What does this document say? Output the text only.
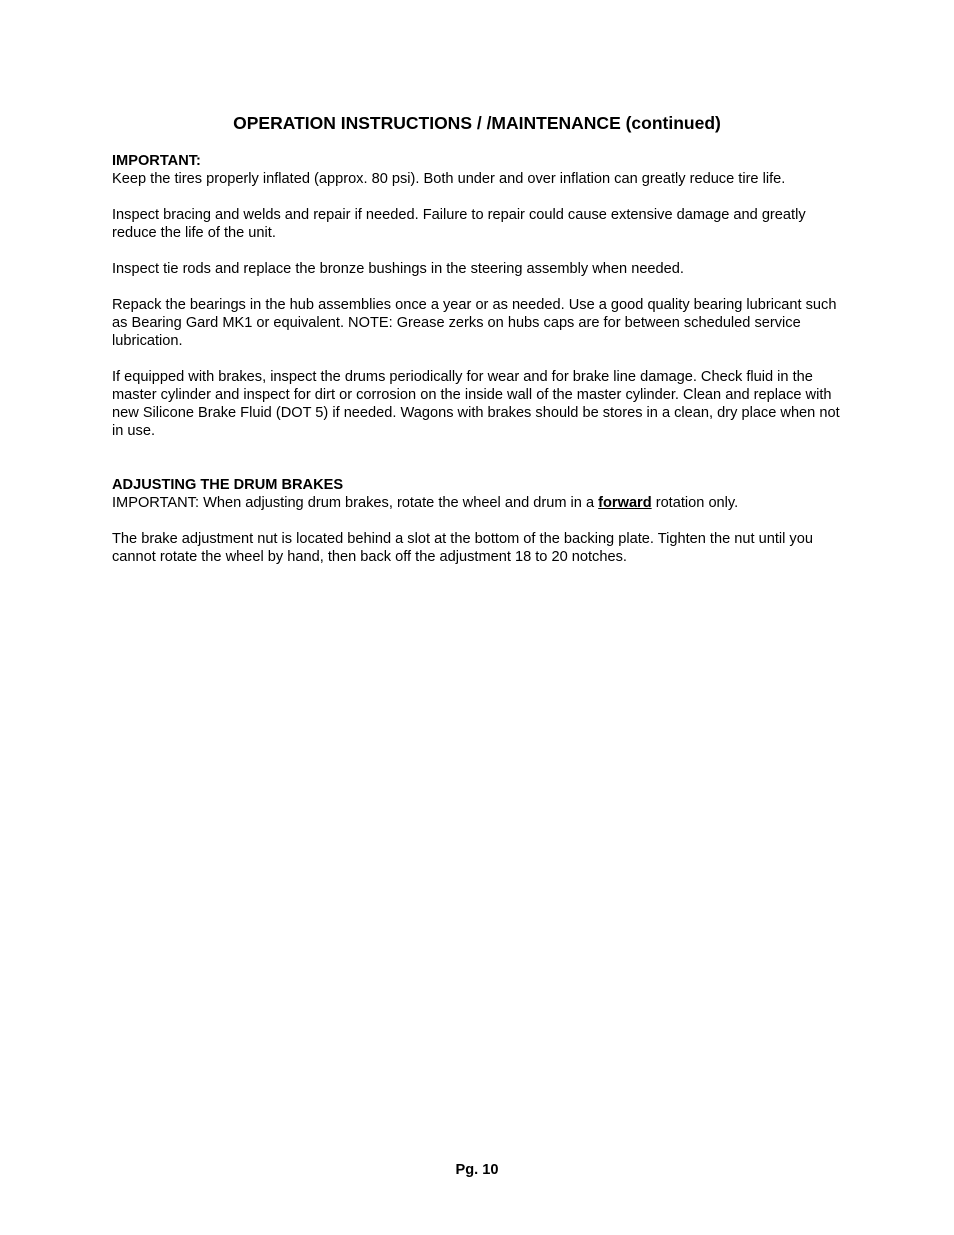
OPERATION INSTRUCTIONS / /MAINTENANCE (continued)

IMPORTANT:
Keep the tires properly inflated (approx. 80 psi). Both under and over inflation can greatly reduce tire life.

Inspect bracing and welds and repair if needed. Failure to repair could cause extensive damage and greatly reduce the life of the unit.

Inspect tie rods and replace the bronze bushings in the steering assembly when needed.

Repack the bearings in the hub assemblies once a year or as needed. Use a good quality bearing lubricant such as Bearing Gard MK1 or equivalent. NOTE: Grease zerks on hubs caps are for between scheduled service lubrication.

If equipped with brakes, inspect the drums periodically for wear and for brake line damage. Check fluid in the master cylinder and inspect for dirt or corrosion on the inside wall of the master cylinder. Clean and replace with new Silicone Brake Fluid (DOT 5) if needed. Wagons with brakes should be stores in a clean, dry place when not in use.

ADJUSTING THE DRUM BRAKES
IMPORTANT: When adjusting drum brakes, rotate the wheel and drum in a forward rotation only.

The brake adjustment nut is located behind a slot at the bottom of the backing plate. Tighten the nut until you cannot rotate the wheel by hand, then back off the adjustment 18 to 20 notches.

Pg. 10
